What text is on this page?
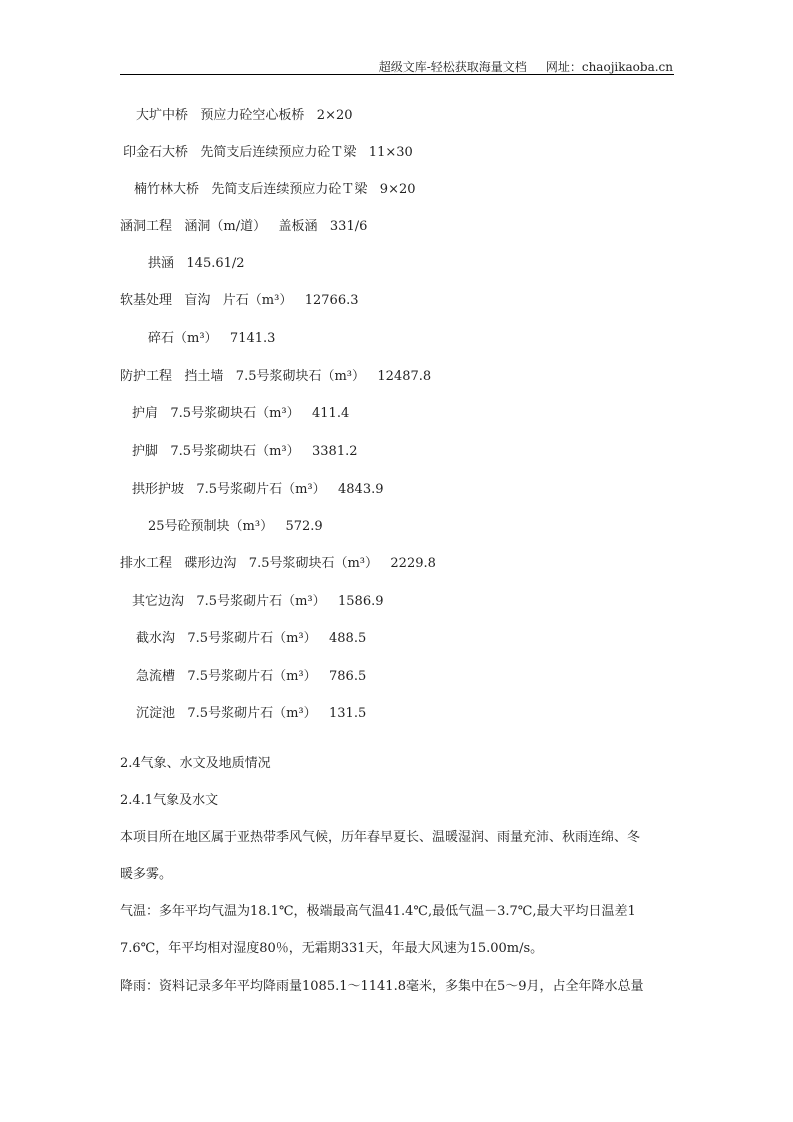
超级文库-轻松获取海量文档 网址：chaojikaoba.cn
大圹中桥   预应力砼空心板桥   2×20
印金石大桥   先简支后连续预应力砼Ｔ梁   11×30
楠竹林大桥   先简支后连续预应力砼Ｔ梁   9×20
涵洞工程   涵洞（m/道）   盖板涵   331/6
拱涵   145.61/2
软基处理   盲沟   片石（m³）   12766.3
碎石（m³）   7141.3
防护工程   挡土墙   7.5号浆砌块石（m³）   12487.8
护肩   7.5号浆砌块石（m³）   411.4
护脚   7.5号浆砌块石（m³）   3381.2
拱形护坡   7.5号浆砌片石（m³）   4843.9
25号砼预制块（m³）   572.9
排水工程   碟形边沟   7.5号浆砌块石（m³）   2229.8
其它边沟   7.5号浆砌片石（m³）   1586.9
截水沟   7.5号浆砌片石（m³）   488.5
急流槽   7.5号浆砌片石（m³）   786.5
沉淀池   7.5号浆砌片石（m³）   131.5
2.4气象、水文及地质情况
2.4.1气象及水文
本项目所在地区属于亚热带季风气候，历年春早夏长、温暖湿润、雨量充沛、秋雨连绵、冬
暖多雾。
气温：多年平均气温为18.1℃，极端最高气温41.4℃,最低气温－3.7℃,最大平均日温差1
7.6℃，年平均相对湿度80％，无霜期331天，年最大风速为15.00m/s。
降雨：资料记录多年平均降雨量1085.1～1141.8毫米，多集中在5～9月，占全年降水总量
